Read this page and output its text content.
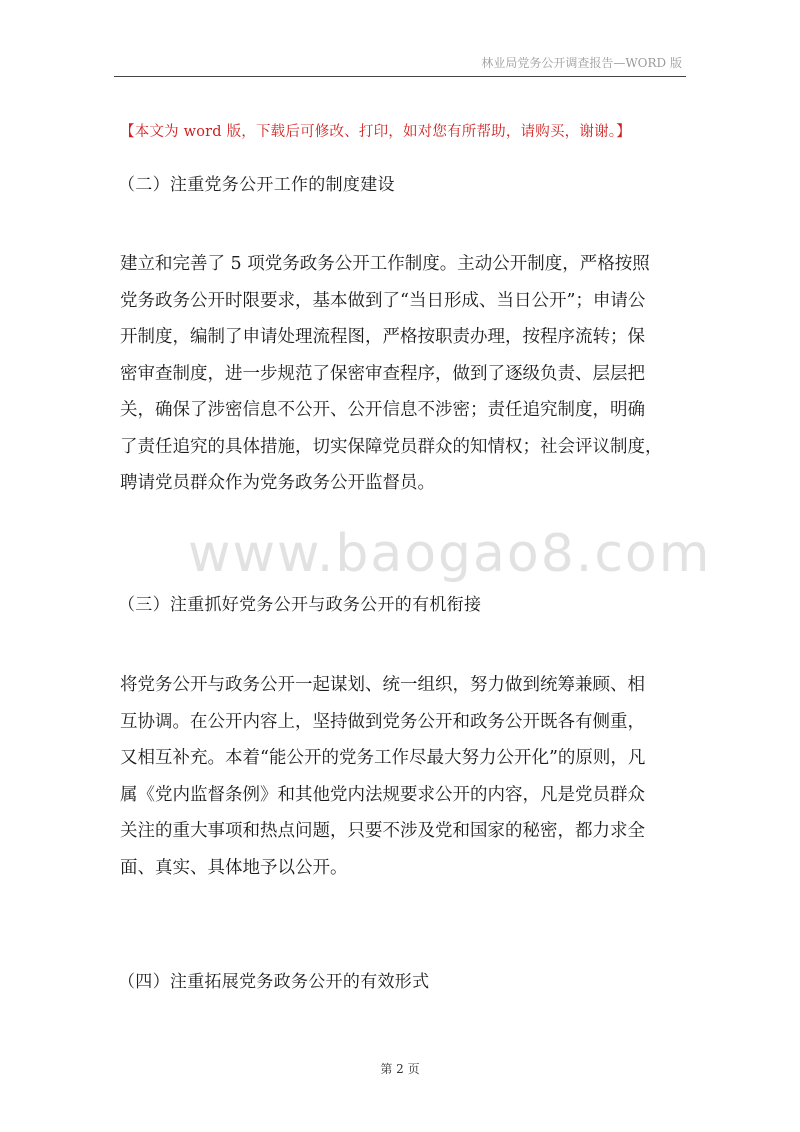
林业局党务公开调查报告—WORD 版
【本文为 word 版，下载后可修改、打印，如对您有所帮助，请购买，谢谢。】
www.baogao8.com
（二）注重党务公开工作的制度建设
建立和完善了 5 项党务政务公开工作制度。主动公开制度，严格按照
党务政务公开时限要求，基本做到了“当日形成、当日公开”；申请公
开制度，编制了申请处理流程图，严格按职责办理，按程序流转；保
密审查制度，进一步规范了保密审查程序，做到了逐级负责、层层把
关，确保了涉密信息不公开、公开信息不涉密；责任追究制度，明确
了责任追究的具体措施，切实保障党员群众的知情权；社会评议制度，
聘请党员群众作为党务政务公开监督员。
（三）注重抓好党务公开与政务公开的有机衔接
将党务公开与政务公开一起谋划、统一组织，努力做到统筹兼顾、相
互协调。在公开内容上，坚持做到党务公开和政务公开既各有侧重，
又相互补充。本着“能公开的党务工作尽最大努力公开化”的原则，凡
属《党内监督条例》和其他党内法规要求公开的内容，凡是党员群众
关注的重大事项和热点问题，只要不涉及党和国家的秘密，都力求全
面、真实、具体地予以公开。
（四）注重拓展党务政务公开的有效形式
第 2 页
